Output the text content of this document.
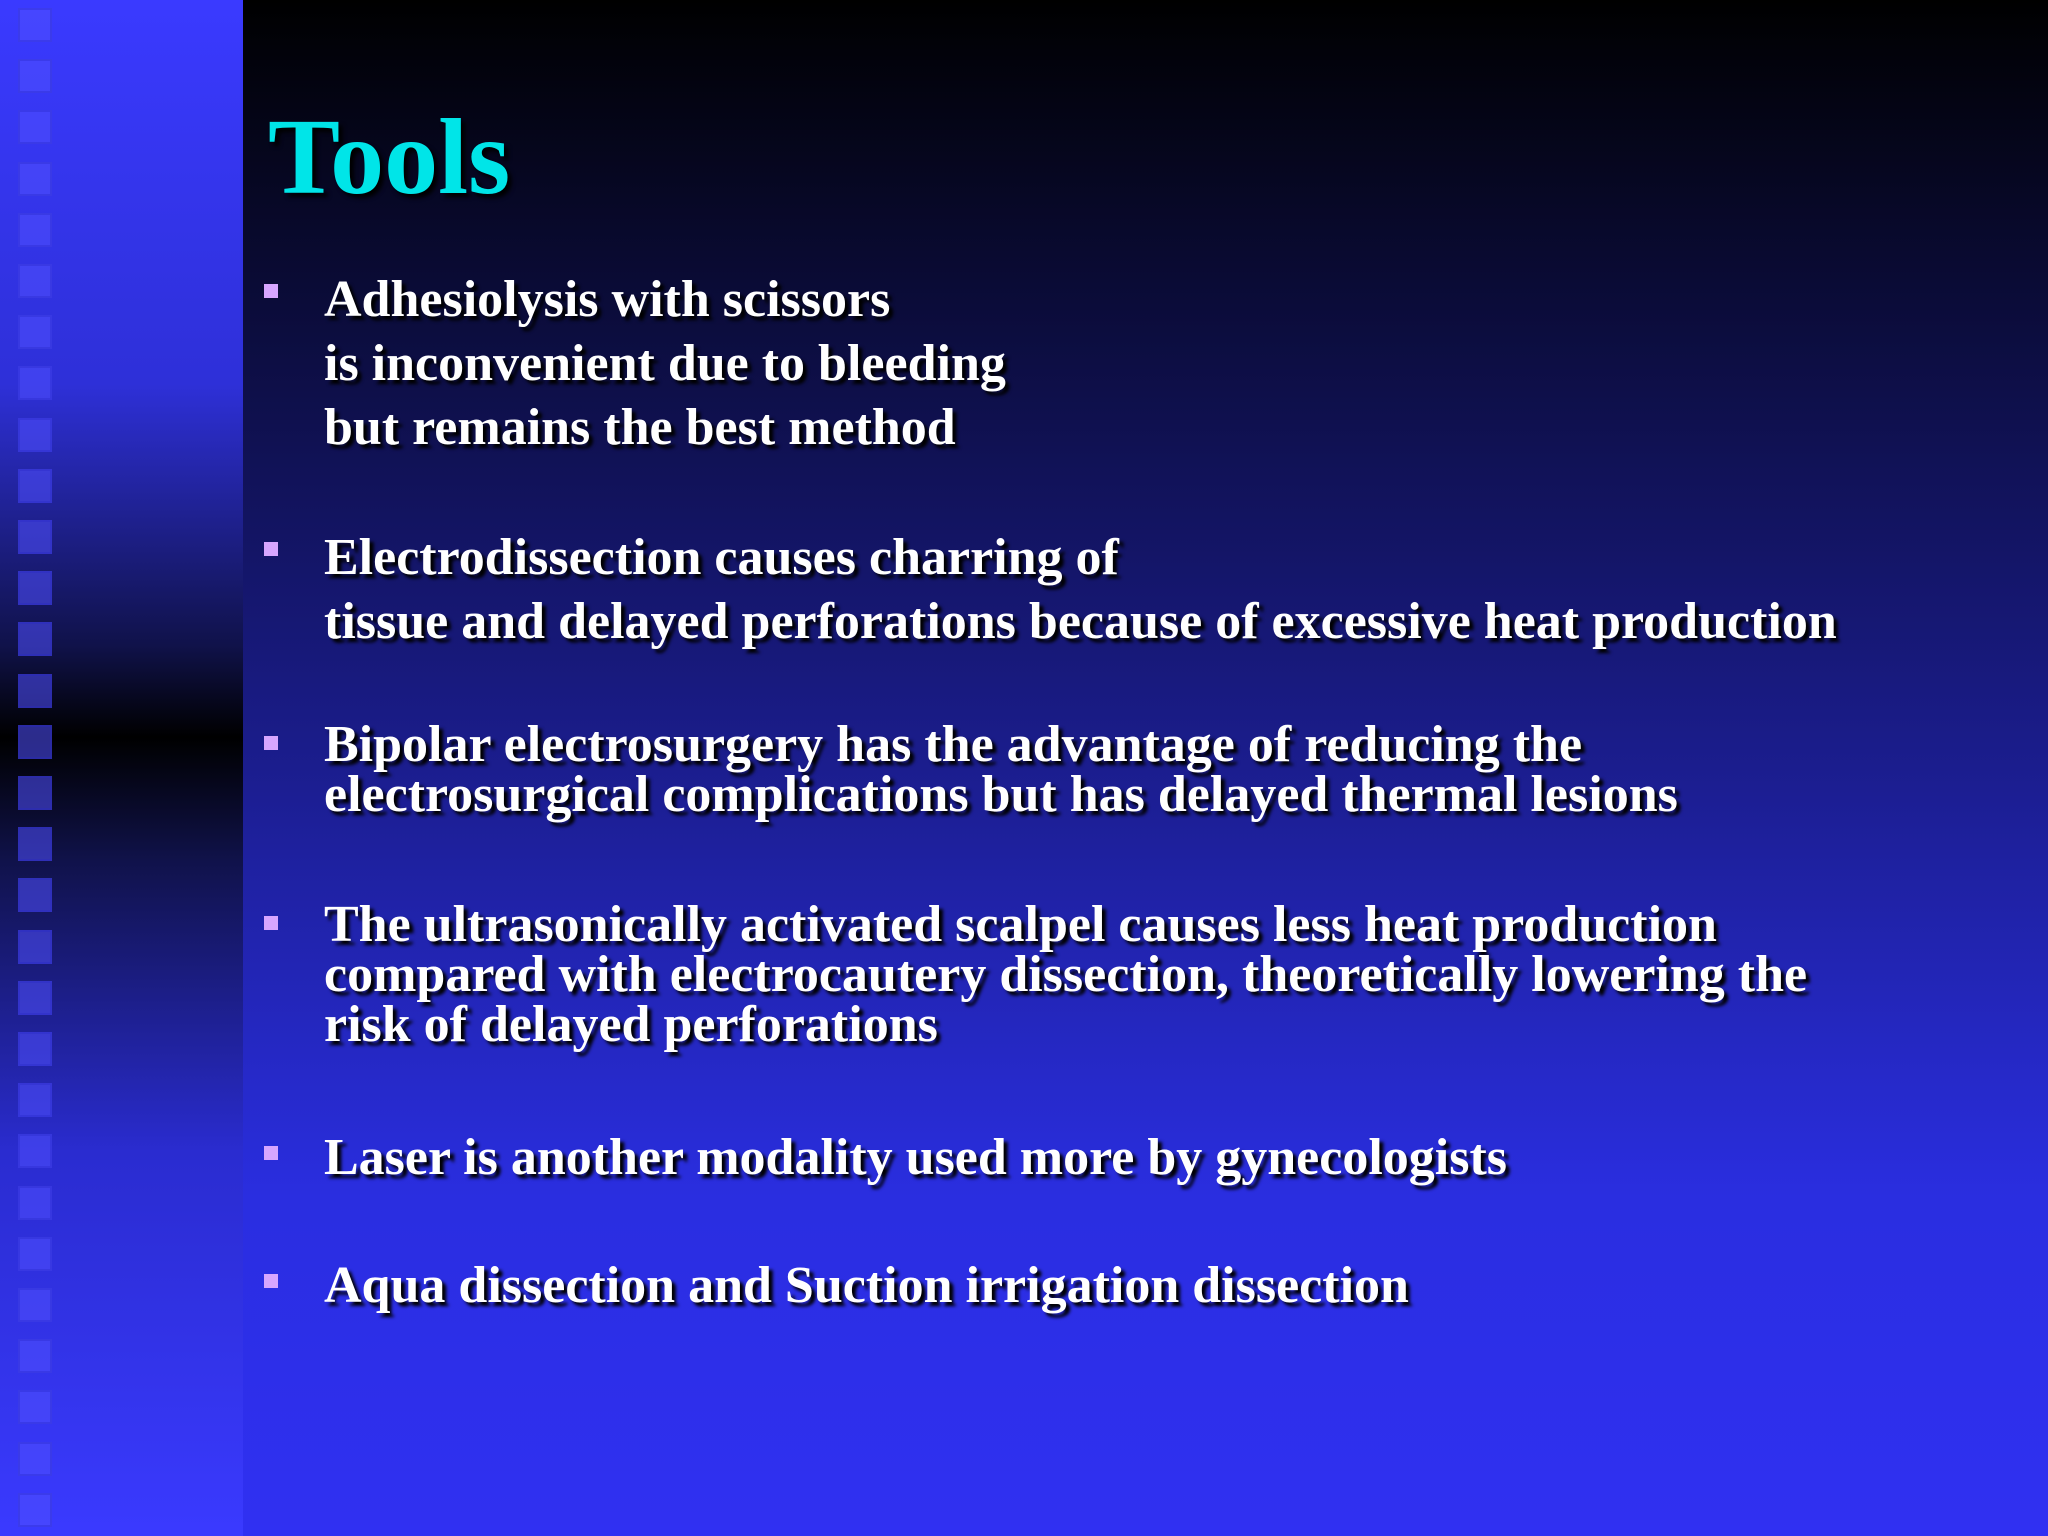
Tools
Adhesiolysis with scissors
is inconvenient due to bleeding
but remains the best method
Electrodissection causes charring of
tissue and delayed perforations because of excessive heat production
Bipolar electrosurgery has the advantage of reducing the
electrosurgical complications but has delayed thermal lesions
The ultrasonically activated scalpel causes less heat production
compared with electrocautery dissection, theoretically lowering the
risk of delayed perforations
Laser is another modality used more by gynecologists
Aqua dissection and Suction irrigation dissection
